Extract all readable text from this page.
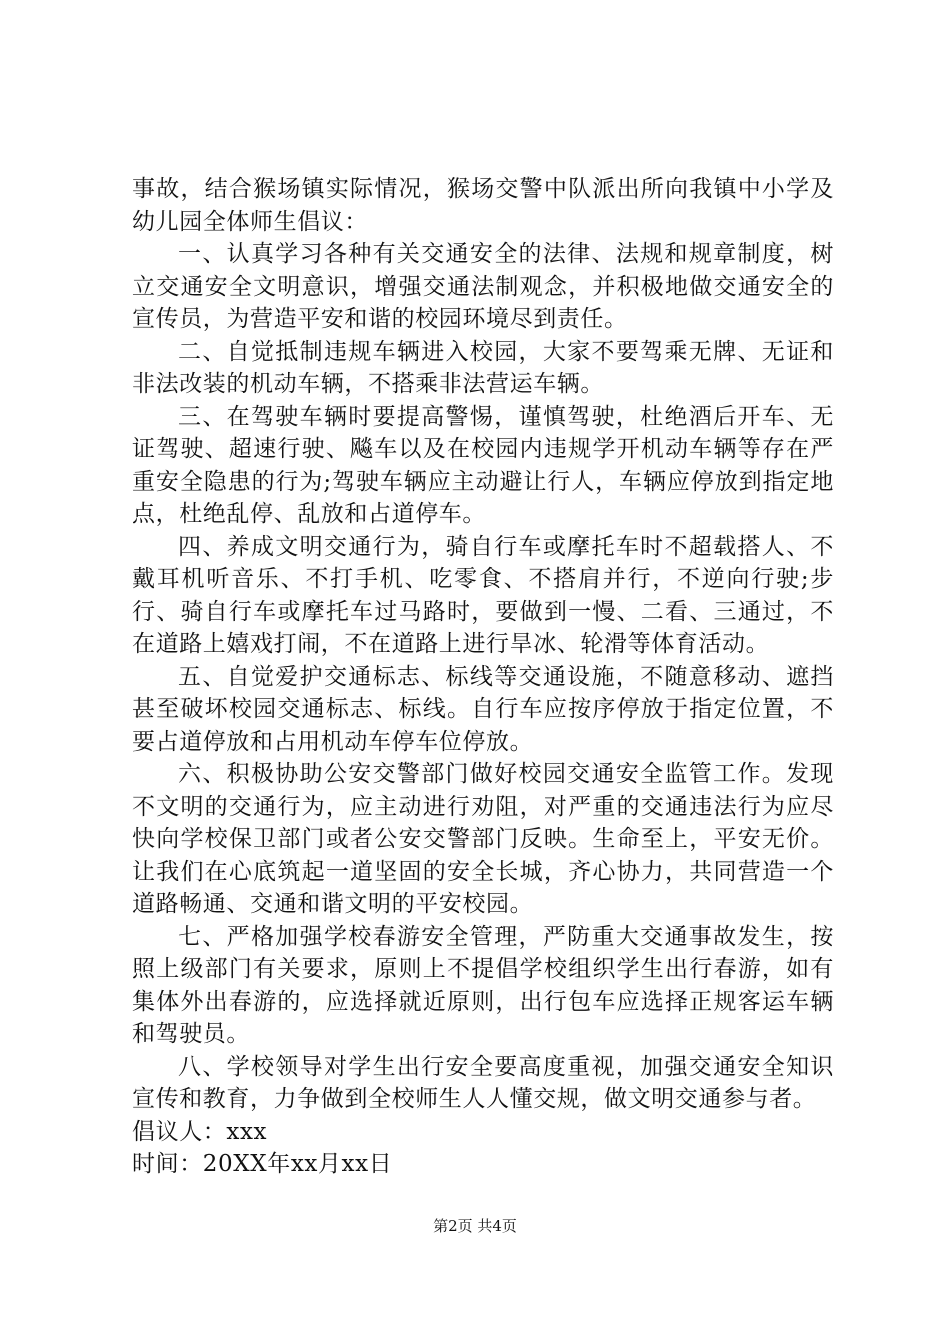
事故，结合猴场镇实际情况，猴场交警中队派出所向我镇中小学及幼儿园全体师生倡议：

一、认真学习各种有关交通安全的法律、法规和规章制度，树立交通安全文明意识，增强交通法制观念，并积极地做交通安全的宣传员，为营造平安和谐的校园环境尽到责任。

二、自觉抵制违规车辆进入校园，大家不要驾乘无牌、无证和非法改装的机动车辆，不搭乘非法营运车辆。

三、在驾驶车辆时要提高警惕，谨慎驾驶，杜绝酒后开车、无证驾驶、超速行驶、飚车以及在校园内违规学开机动车辆等存在严重安全隐患的行为;驾驶车辆应主动避让行人，车辆应停放到指定地点，杜绝乱停、乱放和占道停车。

四、养成文明交通行为，骑自行车或摩托车时不超载搭人、不戴耳机听音乐、不打手机、吃零食、不搭肩并行，不逆向行驶;步行、骑自行车或摩托车过马路时，要做到一慢、二看、三通过，不在道路上嬉戏打闹，不在道路上进行旱冰、轮滑等体育活动。

五、自觉爱护交通标志、标线等交通设施，不随意移动、遮挡甚至破坏校园交通标志、标线。自行车应按序停放于指定位置，不要占道停放和占用机动车停车位停放。

六、积极协助公安交警部门做好校园交通安全监管工作。发现不文明的交通行为，应主动进行劝阻，对严重的交通违法行为应尽快向学校保卫部门或者公安交警部门反映。生命至上，平安无价。让我们在心底筑起一道坚固的安全长城，齐心协力，共同营造一个道路畅通、交通和谐文明的平安校园。

七、严格加强学校春游安全管理，严防重大交通事故发生，按照上级部门有关要求，原则上不提倡学校组织学生出行春游，如有集体外出春游的，应选择就近原则，出行包车应选择正规客运车辆和驾驶员。

八、学校领导对学生出行安全要高度重视，加强交通安全知识宣传和教育，力争做到全校师生人人懂交规，做文明交通参与者。

倡议人：xxx

时间：20XX年xx月xx日

第2页 共4页
